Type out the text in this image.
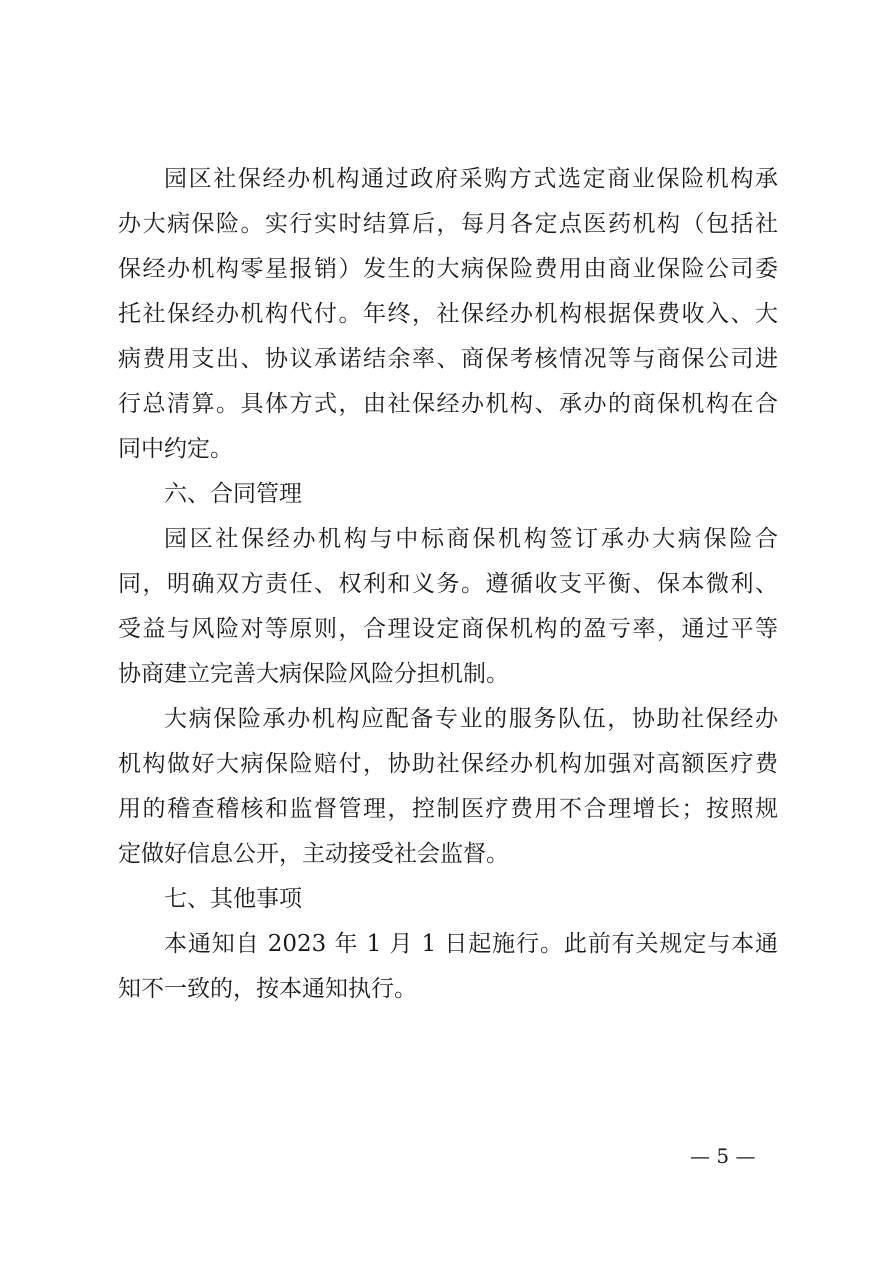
园区社保经办机构通过政府采购方式选定商业保险机构承
办大病保险。实行实时结算后，每月各定点医药机构（包括社
保经办机构零星报销）发生的大病保险费用由商业保险公司委
托社保经办机构代付。年终，社保经办机构根据保费收入、大
病费用支出、协议承诺结余率、商保考核情况等与商保公司进
行总清算。具体方式，由社保经办机构、承办的商保机构在合
同中约定。
六、合同管理
园区社保经办机构与中标商保机构签订承办大病保险合
同，明确双方责任、权利和义务。遵循收支平衡、保本微利、
受益与风险对等原则，合理设定商保机构的盈亏率，通过平等
协商建立完善大病保险风险分担机制。
大病保险承办机构应配备专业的服务队伍，协助社保经办
机构做好大病保险赔付，协助社保经办机构加强对高额医疗费
用的稽查稽核和监督管理，控制医疗费用不合理增长；按照规
定做好信息公开，主动接受社会监督。
七、其他事项
本通知自 2023 年 1 月 1 日起施行。此前有关规定与本通
知不一致的，按本通知执行。
— 5 —
